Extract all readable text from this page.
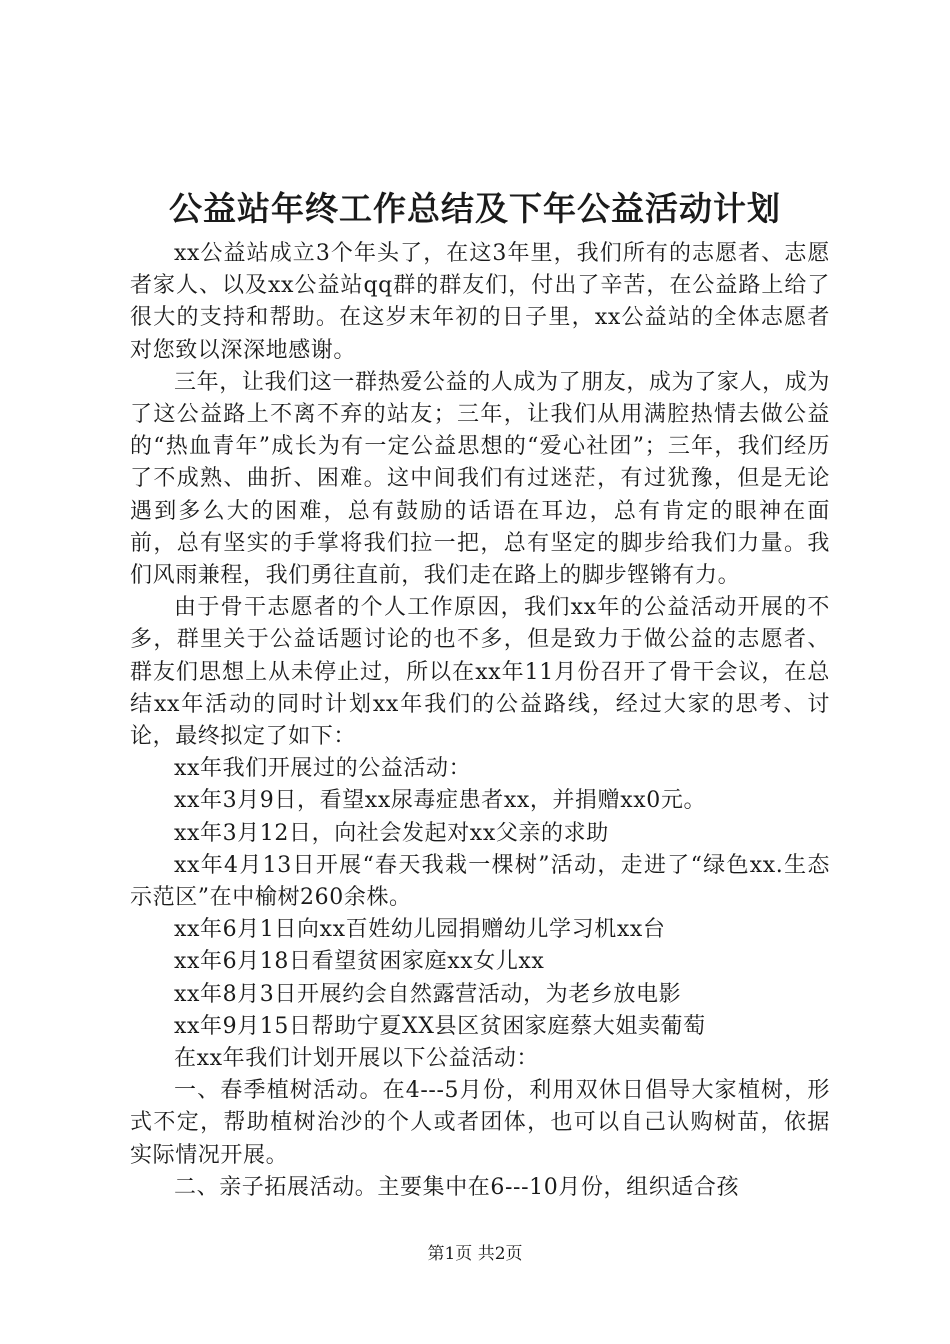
公益站年终工作总结及下年公益活动计划

xx公益站成立3个年头了，在这3年里，我们所有的志愿者、志愿者家人、以及xx公益站qq群的群友们，付出了辛苦，在公益路上给了很大的支持和帮助。在这岁末年初的日子里，xx公益站的全体志愿者对您致以深深地感谢。

三年，让我们这一群热爱公益的人成为了朋友，成为了家人，成为了这公益路上不离不弃的站友；三年，让我们从用满腔热情去做公益的“热血青年”成长为有一定公益思想的“爱心社团”；三年，我们经历了不成熟、曲折、困难。这中间我们有过迷茫，有过犹豫，但是无论遇到多么大的困难，总有鼓励的话语在耳边，总有肯定的眼神在面前，总有坚实的手掌将我们拉一把，总有坚定的脚步给我们力量。我们风雨兼程，我们勇往直前，我们走在路上的脚步铿锵有力。

由于骨干志愿者的个人工作原因，我们xx年的公益活动开展的不多，群里关于公益话题讨论的也不多，但是致力于做公益的志愿者、群友们思想上从未停止过，所以在xx年11月份召开了骨干会议，在总结xx年活动的同时计划xx年我们的公益路线，经过大家的思考、讨论，最终拟定了如下：

xx年我们开展过的公益活动：

xx年3月9日，看望xx尿毒症患者xx，并捐赠xx0元。

xx年3月12日，向社会发起对xx父亲的求助

xx年4月13日开展“春天我栽一棵树”活动，走进了“绿色xx.生态示范区”在中榆树260余株。

xx年6月1日向xx百姓幼儿园捐赠幼儿学习机xx台

xx年6月18日看望贫困家庭xx女儿xx

xx年8月3日开展约会自然露营活动，为老乡放电影

xx年9月15日帮助宁夏XX县区贫困家庭蔡大姐卖葡萄

在xx年我们计划开展以下公益活动：

一、春季植树活动。在4---5月份，利用双休日倡导大家植树，形式不定，帮助植树治沙的个人或者团体，也可以自己认购树苗，依据实际情况开展。

二、亲子拓展活动。主要集中在6---10月份，组织适合孩

第1页 共2页
